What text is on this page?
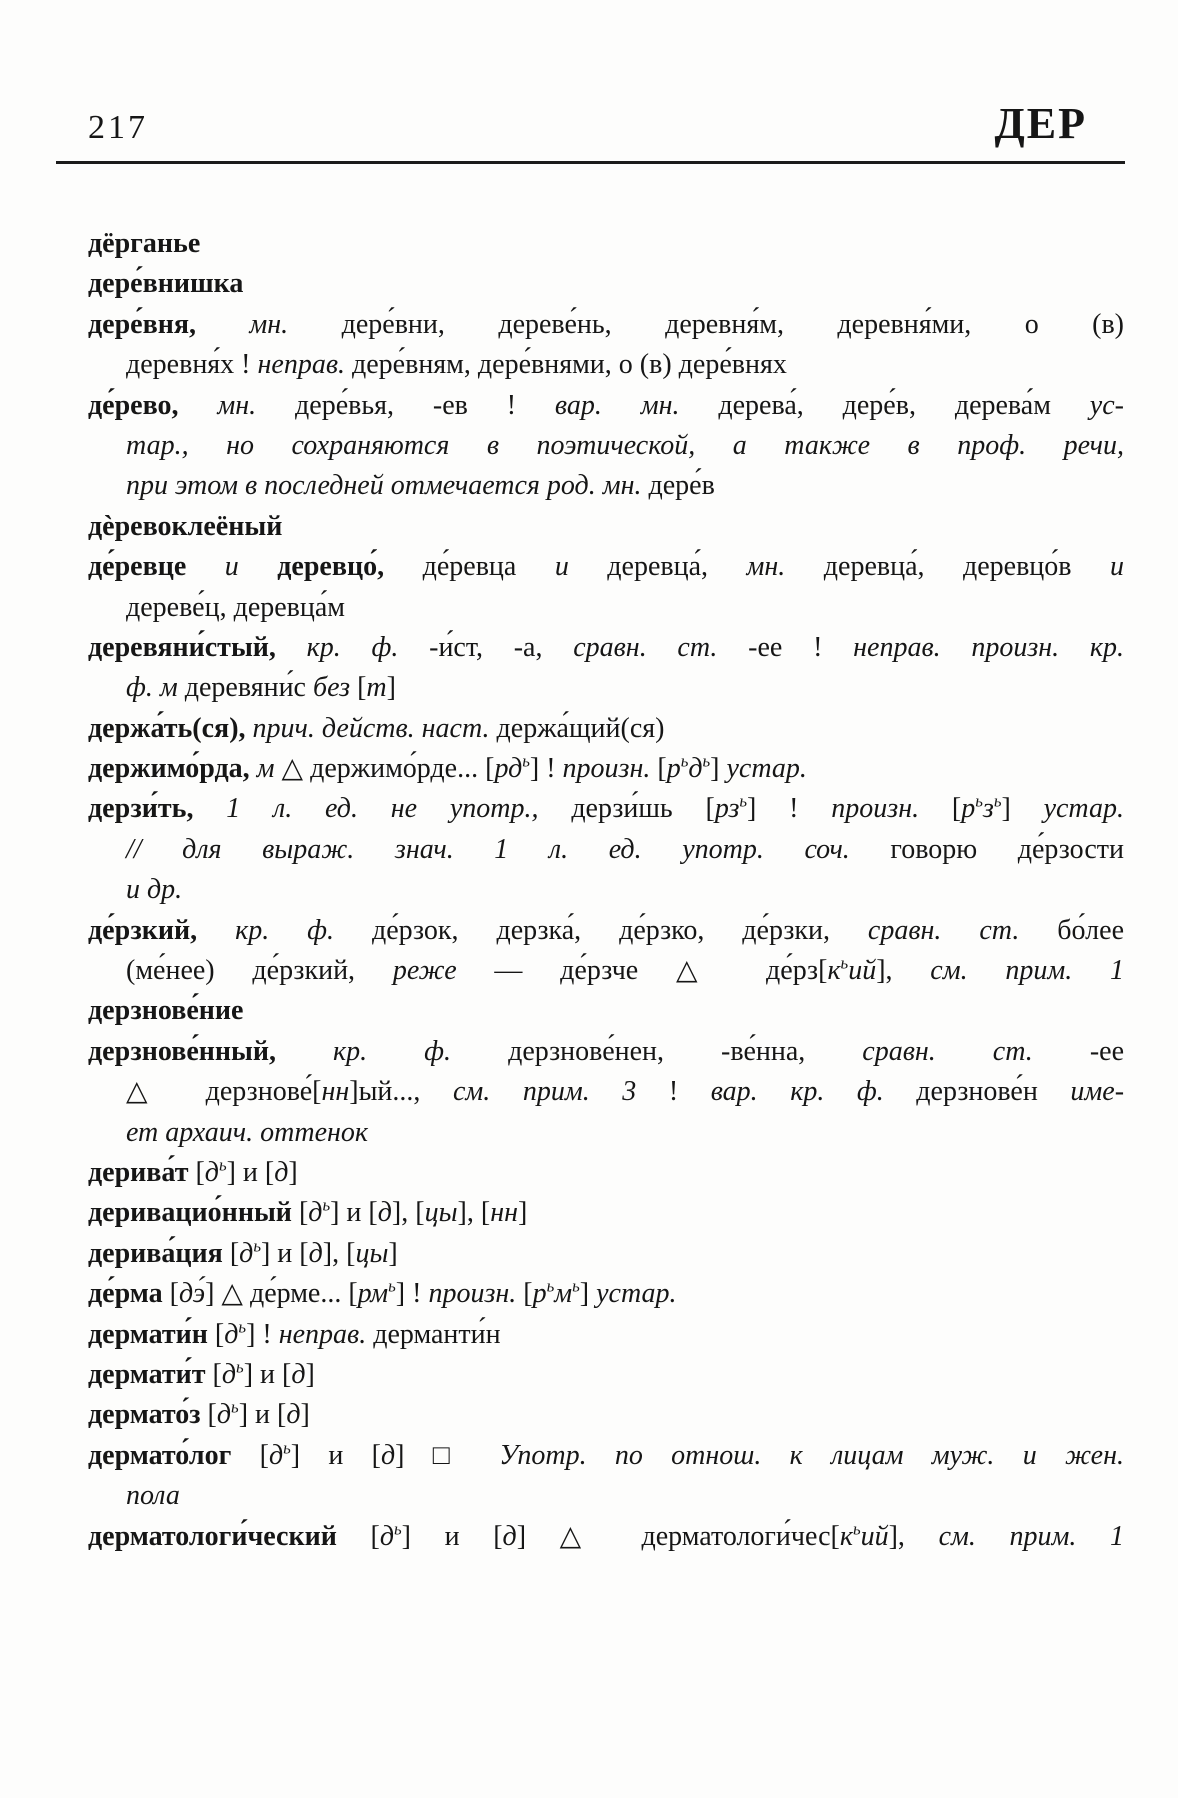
217	ДЕР
дёрганье
дере́внишка
дере́вня, мн. дере́вни, дереве́нь, деревня́м, деревня́ми, о (в)
деревня́х ! неправ. дере́вням, дере́внями, о (в) дере́внях
де́рево, мн. дере́вья, -ев ! вар. мн. дерева́, дере́в, дерева́м ус-
тар., но сохраняются в поэтической, а также в проф. речи,
при этом в последней отмечается род. мн. дере́в
дѐревоклеёный
де́ревце и деревцо́, де́ревца и деревца́, мн. деревца́, деревцо́в и
дереве́ц, деревца́м
деревяни́стый, кр. ф. -и́ст, -а, сравн. ст. -ее ! неправ. произн. кр.
ф. м деревяни́с без [т]
держа́ть(ся), прич. действ. наст. держа́щий(ся)
держимо́рда, м △ держимо́рде... $[рд^ь]$ ! произн. $[р^ьд^ь]$ устар.
дерзи́ть, 1 л. ед. не употр., дерзи́шь $[рз^ь]$ ! произн. $[р^ьз^ь]$ устар.
// для выраж. знач. 1 л. ед. употр. соч. говорю де́рзости
и др.
де́рзкий, кр. ф. де́рзок, дерзка́, де́рзко, де́рзки, сравн. ст. бо́лее
(ме́нее) де́рзкий, реже — де́рзче △ $де́рз[к^ьий]$, см. прим. 1
дерзнове́ние
дерзнове́нный, кр. ф. дерзнове́нен, -ве́нна, сравн. ст. -ее
△ дерзнове́[нн]ый..., см. прим. 3 ! вар. кр. ф. дерзнове́н име-
ет архаич. оттенок
дерива́т $[д^ь]$ и [д]
деривацио́нный $[д^ь]$ и [д], [цы], [нн]
дерива́ция $[д^ь]$ и [д], [цы]
де́рма [дэ́] △ де́рме... $[рм^ь]$ ! произн. $[р^ьм^ь]$ устар.
дермати́н $[д^ь]$ ! неправ. дерманти́н
дермати́т $[д^ь]$ и [д]
дермато́з $[д^ь]$ и [д]
дермато́лог $[д^ь]$ и [д] □ Употр. по отнош. к лицам муж. и жен.
пола
дерматологи́ческий $[д^ь]$ и [д] △ $дерматологи́чес[к^ьий]$, см. прим. 1
